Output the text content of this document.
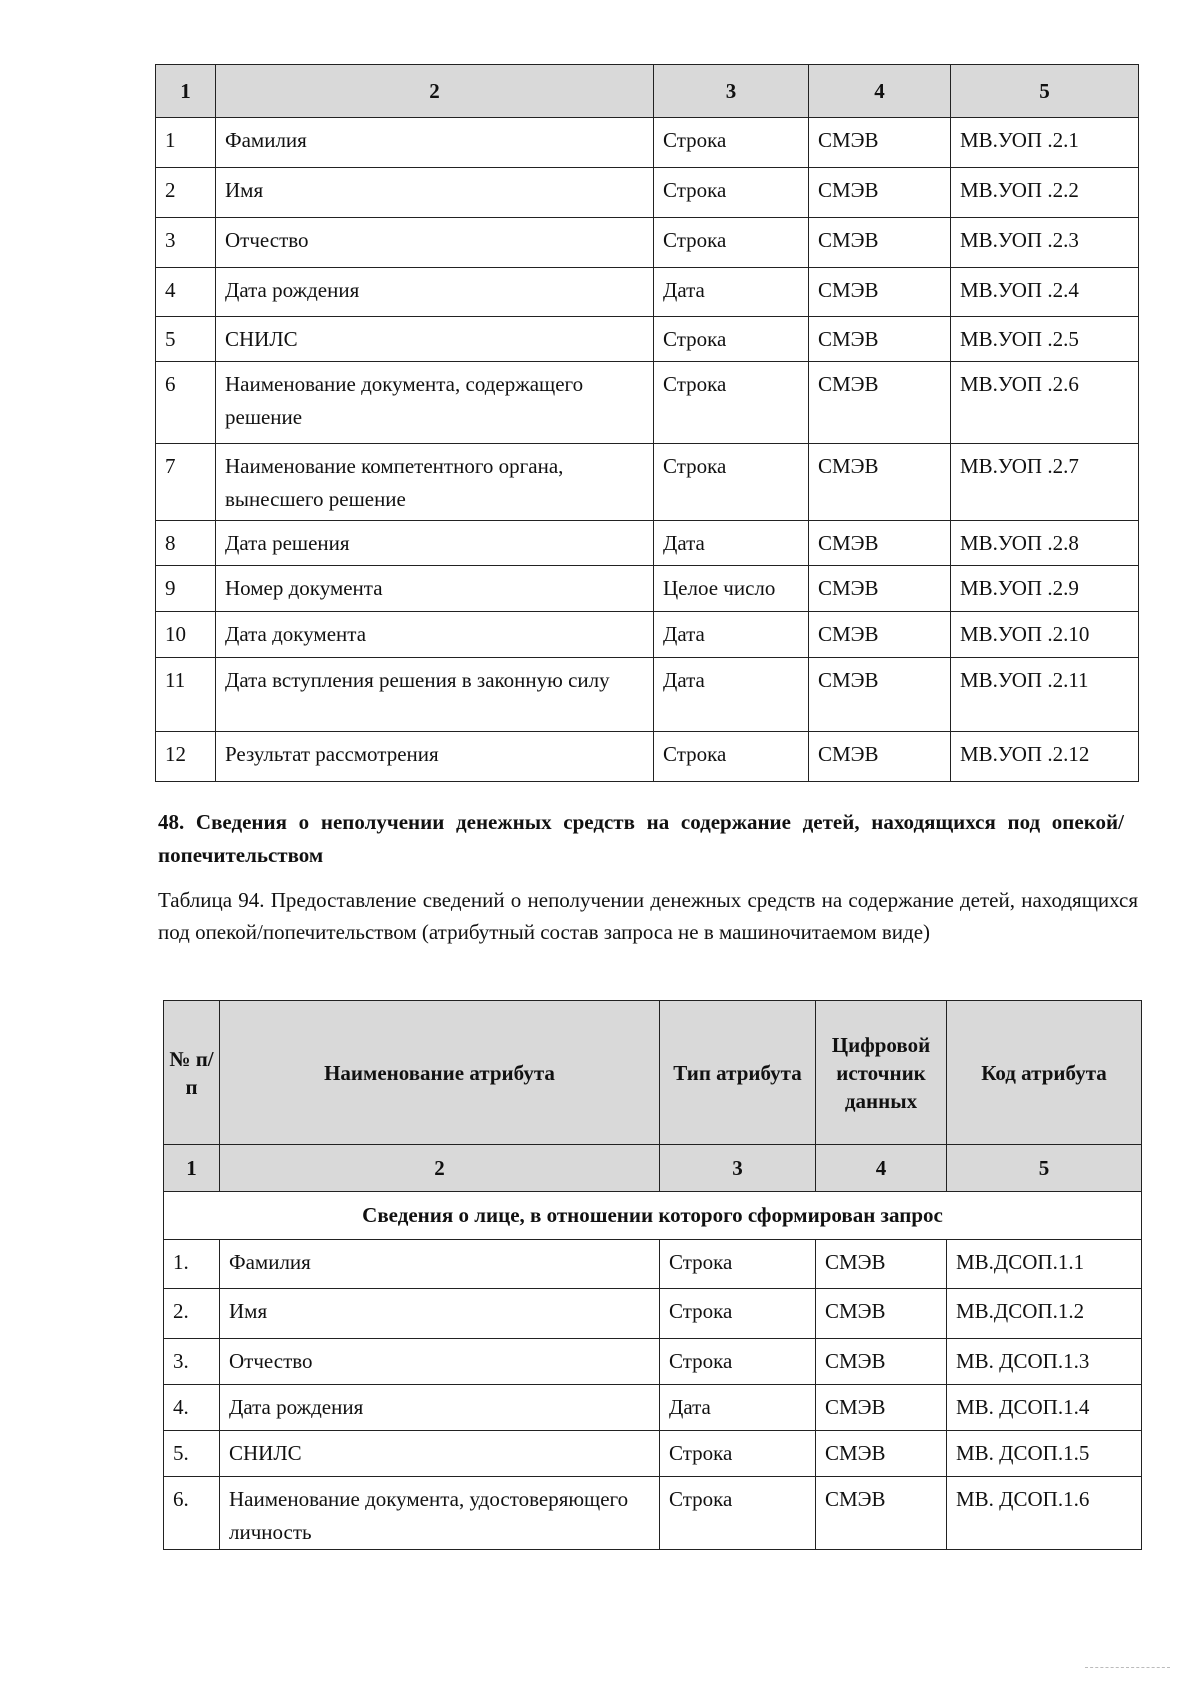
1	2	3	4	5

1	Фамилия	Строка	СМЭВ	МВ.УОП .2.1

2	Имя	Строка	СМЭВ	МВ.УОП .2.2

3	Отчество	Строка	СМЭВ	МВ.УОП .2.3

4	Дата рождения	Дата	СМЭВ	МВ.УОП .2.4

5	СНИЛС	Строка	СМЭВ	МВ.УОП .2.5

6	Наименование документа, содержащего решение	Строка	СМЭВ	МВ.УОП .2.6

7	Наименование компетентного органа, вынесшего решение	Строка	СМЭВ	МВ.УОП .2.7

8	Дата решения	Дата	СМЭВ	МВ.УОП .2.8

9	Номер документа	Целое число	СМЭВ	МВ.УОП .2.9

10	Дата документа	Дата	СМЭВ	МВ.УОП .2.10

11	Дата вступления решения в законную силу	Дата	СМЭВ	МВ.УОП .2.11

12	Результат рассмотрения	Строка	СМЭВ	МВ.УОП .2.12
48. Сведения о неполучении денежных средств на содержание детей, находящихся под опекой/попечительством
Таблица 94. Предоставление сведений о неполучении денежных средств на содержание детей, находящихся под опекой/попечительством (атрибутный состав запроса не в машиночитаемом виде)
№ п/п	Наименование атрибута	Тип атрибута	Цифровой источник данных	Код атрибута
1	2	3	4	5
Сведения о лице, в отношении которого сформирован запрос				

1.	Фамилия	Строка	СМЭВ	МВ.ДСОП.1.1

2.	Имя	Строка	СМЭВ	МВ.ДСОП.1.2

3.	Отчество	Строка	СМЭВ	МВ. ДСОП.1.3

4.	Дата рождения	Дата	СМЭВ	МВ. ДСОП.1.4

5.	СНИЛС	Строка	СМЭВ	МВ. ДСОП.1.5

6.	Наименование документа, удостоверяющего личность	Строка	СМЭВ	МВ. ДСОП.1.6
